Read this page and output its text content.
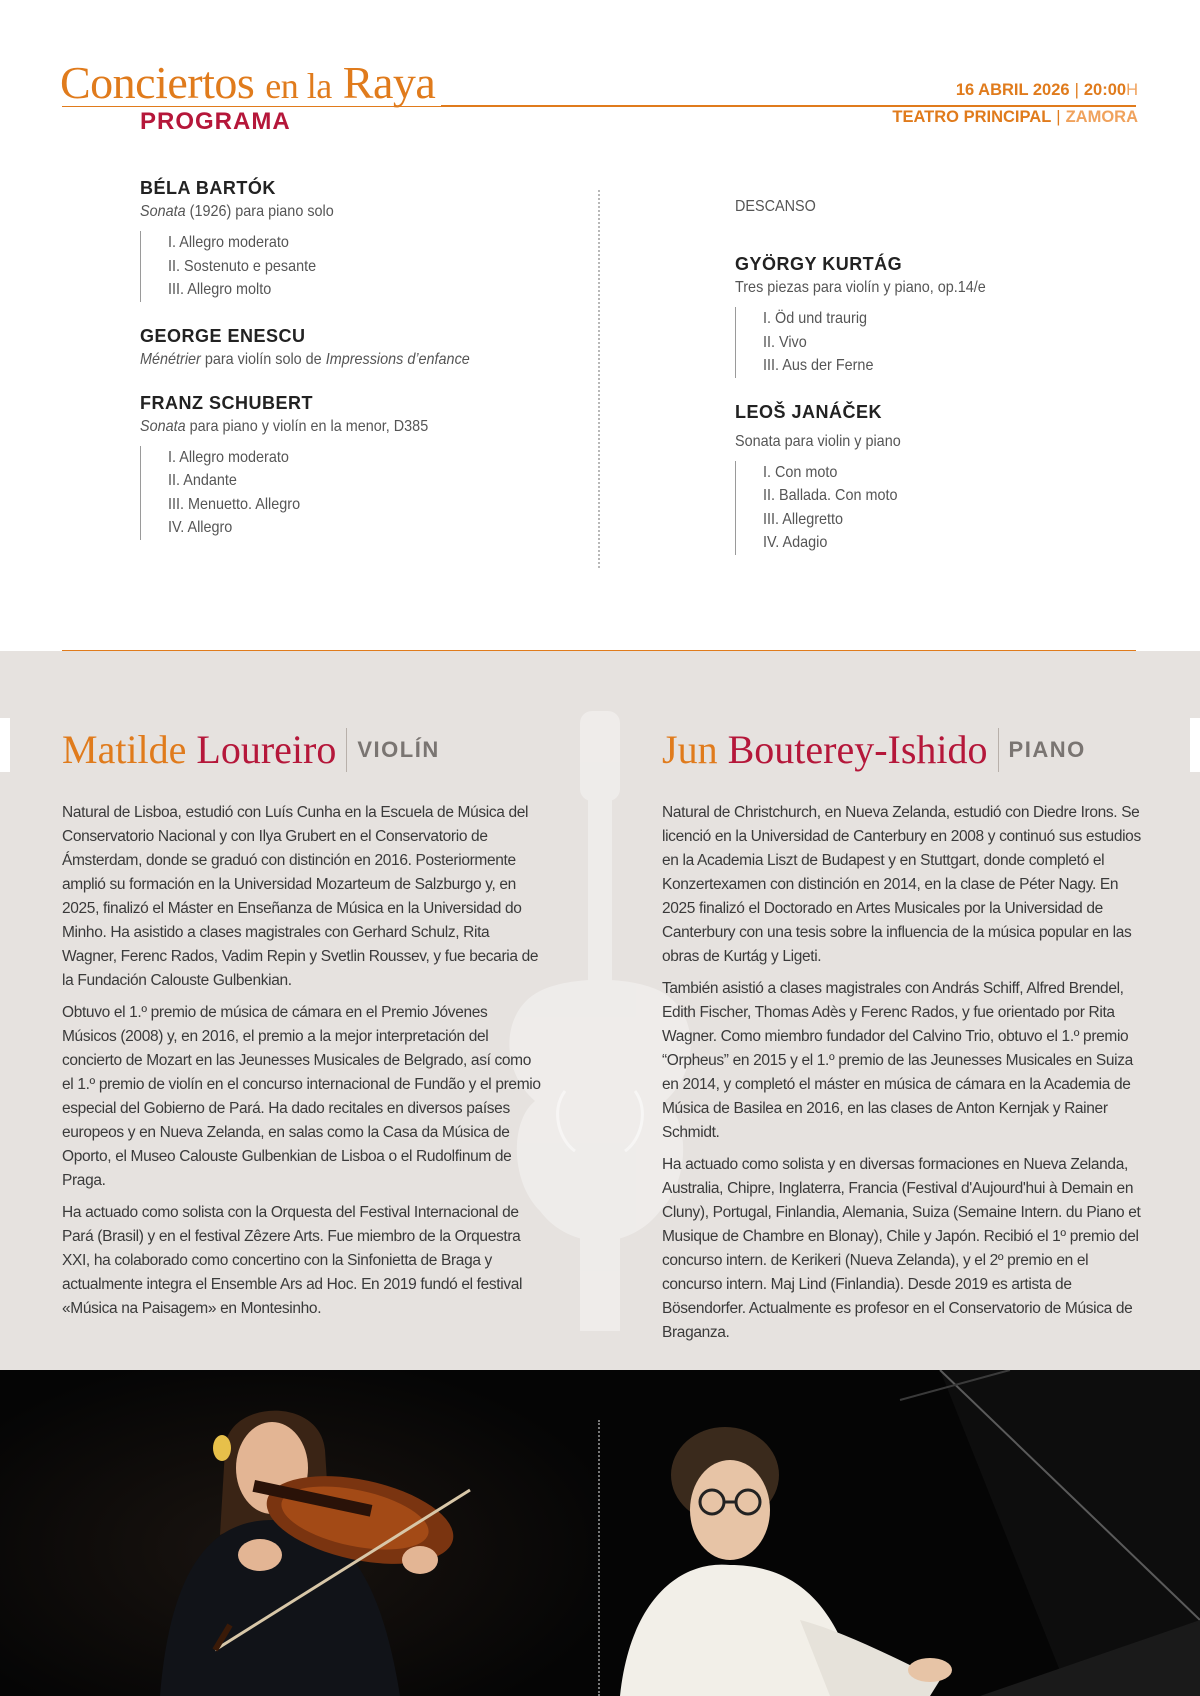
Conciertos en la Raya
PROGRAMA
16 ABRIL 2026 | 20:00H
TEATRO PRINCIPAL | ZAMORA
BÉLA BARTÓK
Sonata (1926) para piano solo
I. Allegro moderato
II. Sostenuto e pesante
III. Allegro molto
GEORGE ENESCU
Ménétrier para violín solo de Impressions d’enfance
FRANZ SCHUBERT
Sonata para piano y violín en la menor, D385
I. Allegro moderato
II. Andante
III. Menuetto. Allegro
IV. Allegro
DESCANSO
GYÖRGY KURTÁG
Tres piezas para violín y piano, op.14/e
I. Öd und traurig
II. Vivo
III. Aus der Ferne
LEOŠ JANÁČEK
Sonata para violin y piano
I. Con moto
II. Ballada. Con moto
III. Allegretto
IV. Adagio
Matilde Loureiro VIOLÍN

Natural de Lisboa, estudió con Luís Cunha en la Escuela de Música del Conservatorio Nacional y con Ilya Grubert en el Conservatorio de Ámsterdam, donde se graduó con distinción en 2016. Posteriormente amplió su formación en la Universidad Mozarteum de Salzburgo y, en 2025, finalizó el Máster en Enseñanza de Música en la Universidad do Minho. Ha asistido a clases magistrales con Gerhard Schulz, Rita Wagner, Ferenc Rados, Vadim Repin y Svetlin Roussev, y fue becaria de la Fundación Calouste Gulbenkian.

Obtuvo el 1.º premio de música de cámara en el Premio Jóvenes Músicos (2008) y, en 2016, el premio a la mejor interpretación del concierto de Mozart en las Jeunesses Musicales de Belgrado, así como el 1.º premio de violín en el concurso internacional de Fundão y el premio especial del Gobierno de Pará. Ha dado recitales en diversos países europeos y en Nueva Zelanda, en salas como la Casa da Música de Oporto, el Museo Calouste Gulbenkian de Lisboa o el Rudolfinum de Praga.

Ha actuado como solista con la Orquesta del Festival Internacional de Pará (Brasil) y en el festival Zêzere Arts. Fue miembro de la Orquestra XXI, ha colaborado como concertino con la Sinfonietta de Braga y actualmente integra el Ensemble Ars ad Hoc. En 2019 fundó el festival «Música na Paisagem» en Montesinho.

Jun Bouterey-Ishido PIANO

Natural de Christchurch, en Nueva Zelanda, estudió con Diedre Irons. Se licenció en la Universidad de Canterbury en 2008 y continuó sus estudios en la Academia Liszt de Budapest y en Stuttgart, donde completó el Konzertexamen con distinción en 2014, en la clase de Péter Nagy. En 2025 finalizó el Doctorado en Artes Musicales por la Universidad de Canterbury con una tesis sobre la influencia de la música popular en las obras de Kurtág y Ligeti.

También asistió a clases magistrales con András Schiff, Alfred Brendel, Edith Fischer, Thomas Adès y Ferenc Rados, y fue orientado por Rita Wagner. Como miembro fundador del Calvino Trio, obtuvo el 1.º premio “Orpheus” en 2015 y el 1.º premio de las Jeunesses Musicales en Suiza en 2014, y completó el máster en música de cámara en la Academia de Música de Basilea en 2016, en las clases de Anton Kernjak y Rainer Schmidt.

Ha actuado como solista y en diversas formaciones en Nueva Zelanda, Australia, Chipre, Inglaterra, Francia (Festival d'Aujourd'hui à Demain en Cluny), Portugal, Finlandia, Alemania, Suiza (Semaine Intern. du Piano et Musique de Chambre en Blonay), Chile y Japón. Recibió el 1º premio del concurso intern. de Kerikeri (Nueva Zelanda), y el 2º premio en el concurso intern. Maj Lind (Finlandia). Desde 2019 es artista de Bösendorfer. Actualmente es profesor en el Conservatorio de Música de Braganza.
